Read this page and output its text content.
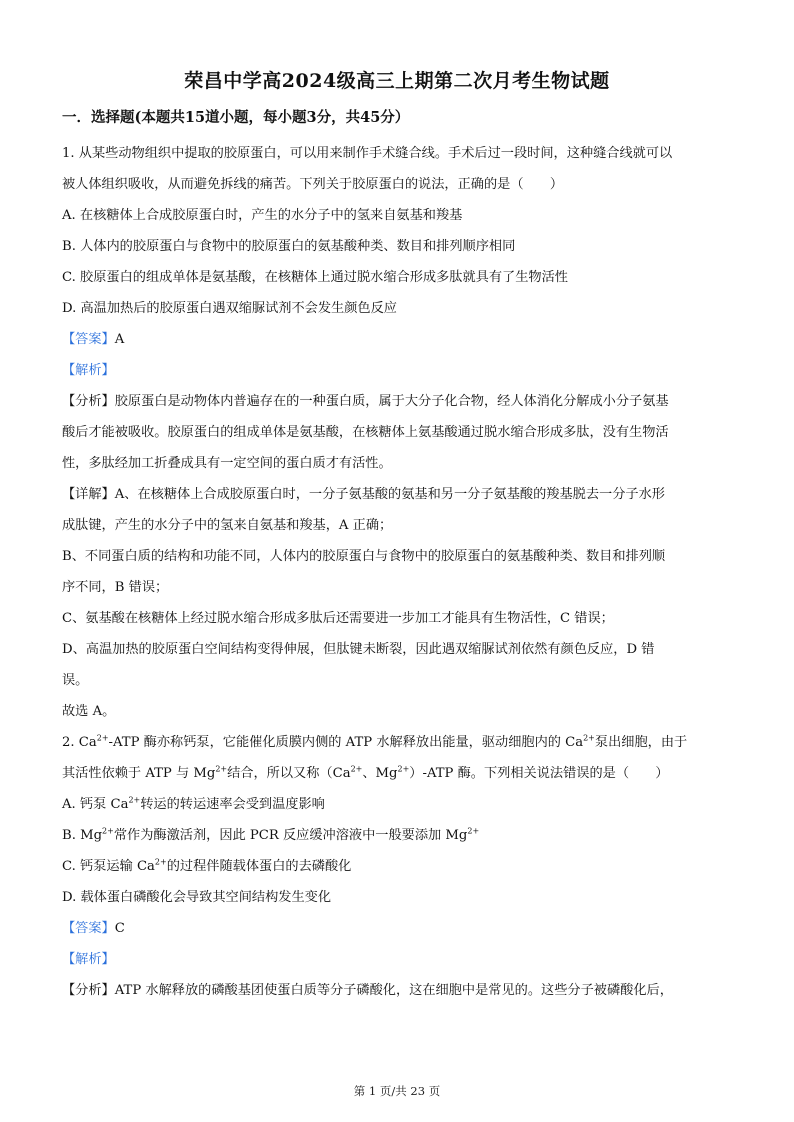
荣昌中学高2024级高三上期第二次月考生物试题
一．选择题(本题共15道小题，每小题3分，共45分）
1. 从某些动物组织中提取的胶原蛋白，可以用来制作手术缝合线。手术后过一段时间，这种缝合线就可以
被人体组织吸收，从而避免拆线的痛苦。下列关于胶原蛋白的说法，正确的是（　　）
A. 在核糖体上合成胶原蛋白时，产生的水分子中的氢来自氨基和羧基
B. 人体内的胶原蛋白与食物中的胶原蛋白的氨基酸种类、数目和排列顺序相同
C. 胶原蛋白的组成单体是氨基酸，在核糖体上通过脱水缩合形成多肽就具有了生物活性
D. 高温加热后的胶原蛋白遇双缩脲试剂不会发生颜色反应
【答案】A
【解析】
【分析】胶原蛋白是动物体内普遍存在的一种蛋白质，属于大分子化合物，经人体消化分解成小分子氨基
酸后才能被吸收。胶原蛋白的组成单体是氨基酸，在核糖体上氨基酸通过脱水缩合形成多肽，没有生物活
性，多肽经加工折叠成具有一定空间的蛋白质才有活性。
【详解】A、在核糖体上合成胶原蛋白时，一分子氨基酸的氨基和另一分子氨基酸的羧基脱去一分子水形
成肽键，产生的水分子中的氢来自氨基和羧基，A 正确；
B、不同蛋白质的结构和功能不同，人体内的胶原蛋白与食物中的胶原蛋白的氨基酸种类、数目和排列顺
序不同，B 错误；
C、氨基酸在核糖体上经过脱水缩合形成多肽后还需要进一步加工才能具有生物活性，C 错误；
D、高温加热的胶原蛋白空间结构变得伸展，但肽键未断裂，因此遇双缩脲试剂依然有颜色反应，D 错
误。
故选 A。
2. $Ca^{2+}$-ATP 酶亦称钙泵，它能催化质膜内侧的 ATP 水解释放出能量，驱动细胞内的 $Ca^{2+}$泵出细胞，由于
其活性依赖于 ATP 与 $Mg^{2+}$结合，所以又称（$Ca^{2+}$、$Mg^{2+}$）-ATP 酶。下列相关说法错误的是（　　）
A. 钙泵 $Ca^{2+}$转运的转运速率会受到温度影响
B. $Mg^{2+}$常作为酶激活剂，因此 PCR 反应缓冲溶液中一般要添加 $Mg^{2+}$
C. 钙泵运输 $Ca^{2+}$的过程伴随载体蛋白的去磷酸化
D. 载体蛋白磷酸化会导致其空间结构发生变化
【答案】C
【解析】
【分析】ATP 水解释放的磷酸基团使蛋白质等分子磷酸化，这在细胞中是常见的。这些分子被磷酸化后，
第 1 页/共 23 页
